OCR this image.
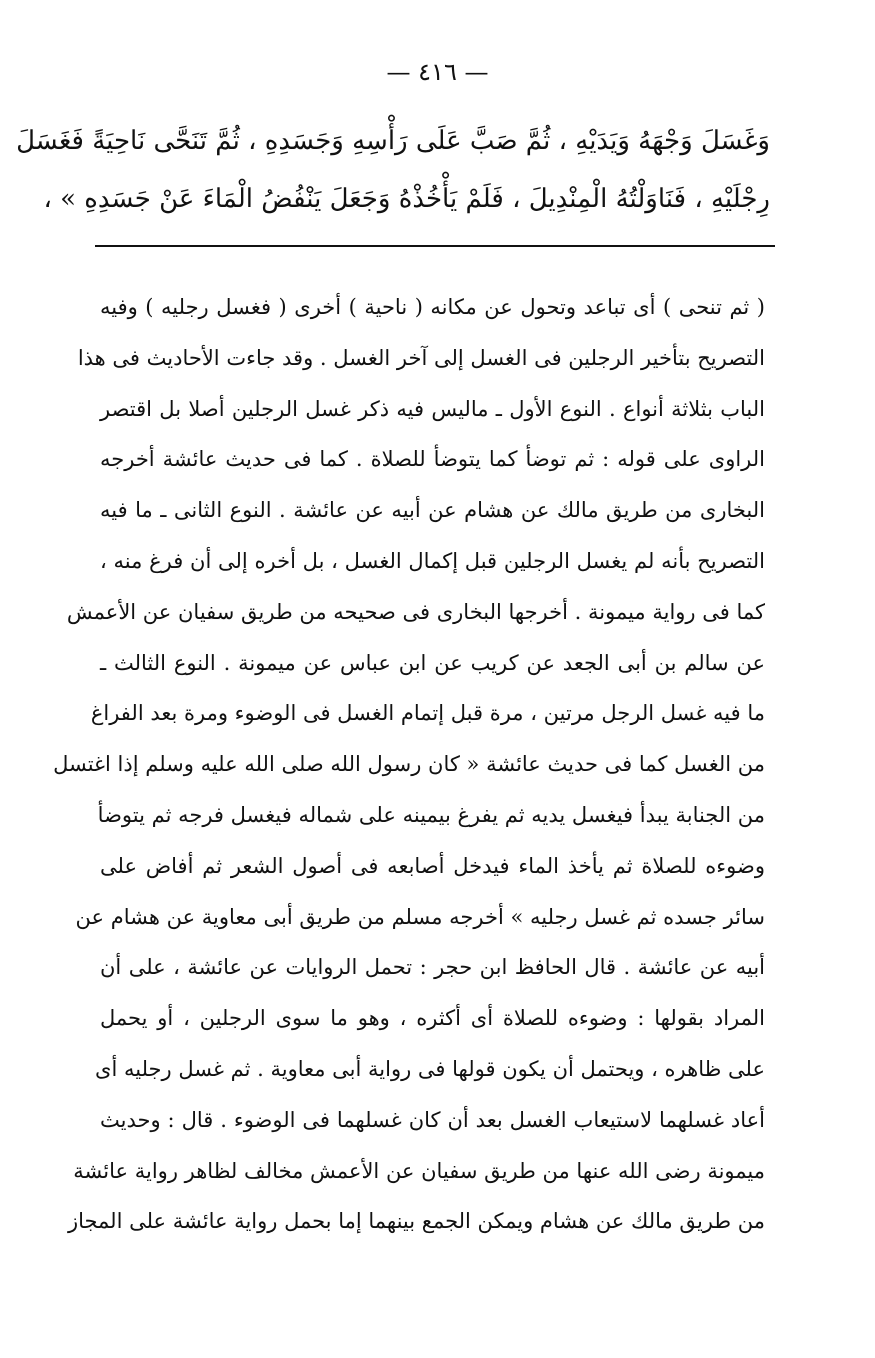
— ٤١٦ —
وَغَسَلَ وَجْهَهُ وَيَدَيْهِ ، ثُمَّ صَبَّ عَلَى رَأْسِهِ وَجَسَدِهِ ، ثُمَّ تَنَحَّى نَاحِيَةً فَغَسَلَ
رِجْلَيْهِ ، فَنَاوَلْتُهُ الْمِنْدِيلَ ، فَلَمْ يَأْخُذْهُ وَجَعَلَ يَنْفُضُ الْمَاءَ عَنْ جَسَدِهِ » ،
( ثم تنحى ) أى تباعد وتحول عن مكانه ( ناحية ) أخرى ( فغسل رجليه ) وفيه
التصريح بتأخير الرجلين فى الغسل إلى آخر الغسل . وقد جاءت الأحاديث فى هذا
الباب بثلاثة أنواع . النوع الأول ـ ماليس فيه ذكر غسل الرجلين أصلا بل اقتصر
الراوى على قوله : ثم توضأ كما يتوضأ للصلاة . كما فى حديث عائشة أخرجه
البخارى من طريق مالك عن هشام عن أبيه عن عائشة . النوع الثانى ـ ما فيه
التصريح بأنه لم يغسل الرجلين قبل إكمال الغسل ، بل أخره إلى أن فرغ منه ،
كما فى رواية ميمونة . أخرجها البخارى فى صحيحه من طريق سفيان عن الأعمش
عن سالم بن أبى الجعد عن كريب عن ابن عباس عن ميمونة . النوع الثالث ـ
ما فيه غسل الرجل مرتين ، مرة قبل إتمام الغسل فى الوضوء ومرة بعد الفراغ
من الغسل كما فى حديث عائشة « كان رسول الله صلى الله عليه وسلم إذا اغتسل
من الجنابة يبدأ فيغسل يديه ثم يفرغ بيمينه على شماله فيغسل فرجه ثم يتوضأ
وضوءه للصلاة ثم يأخذ الماء فيدخل أصابعه فى أصول الشعر ثم أفاض على
سائر جسده ثم غسل رجليه » أخرجه مسلم من طريق أبى معاوية عن هشام عن
أبيه عن عائشة . قال الحافظ ابن حجر : تحمل الروايات عن عائشة ، على أن
المراد بقولها : وضوءه للصلاة أى أكثره ، وهو ما سوى الرجلين ، أو يحمل
على ظاهره ، ويحتمل أن يكون قولها فى رواية أبى معاوية . ثم غسل رجليه أى
أعاد غسلهما لاستيعاب الغسل بعد أن كان غسلهما فى الوضوء . قال : وحديث
ميمونة رضى الله عنها من طريق سفيان عن الأعمش مخالف لظاهر رواية عائشة
من طريق مالك عن هشام ويمكن الجمع بينهما إما بحمل رواية عائشة على المجاز
